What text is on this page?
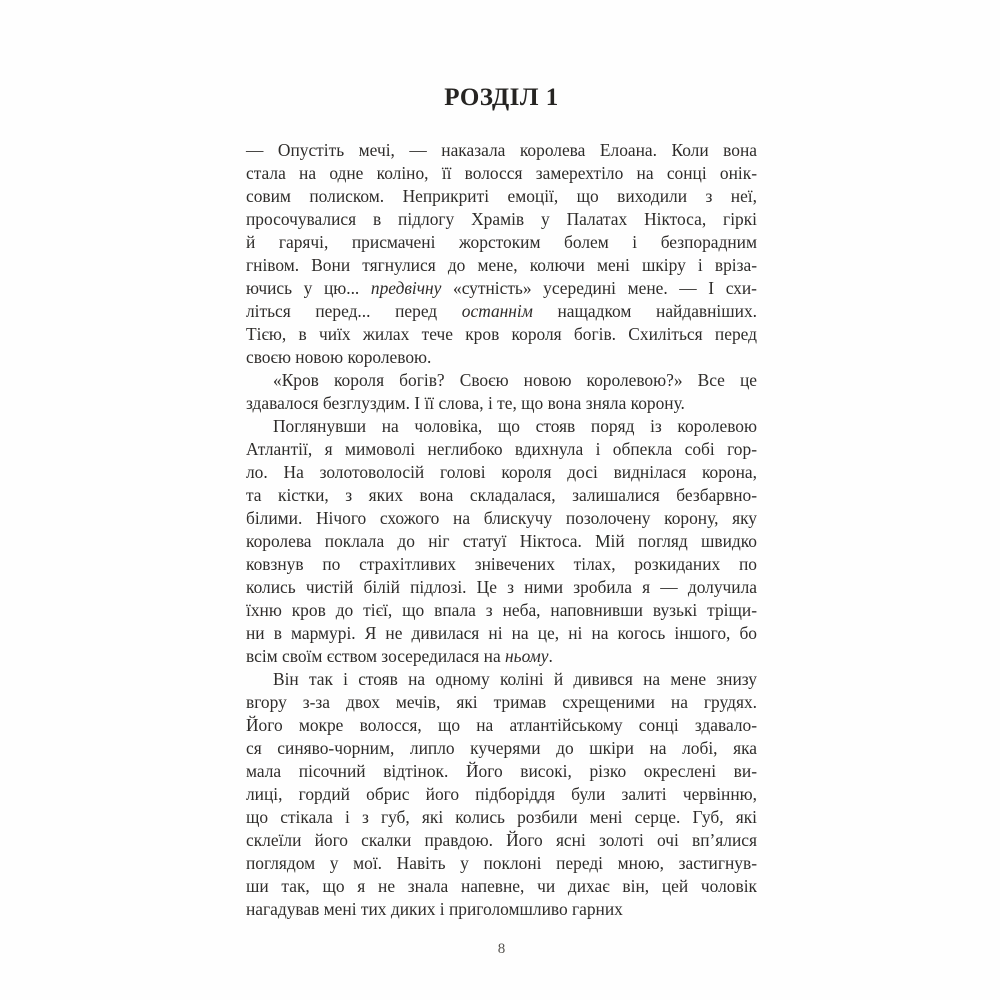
РОЗДІЛ 1
— Опустіть мечі, — наказала королева Елоана. Коли вона
стала на одне коліно, її волосся замерехтіло на сонці онік-
совим полиском. Неприкриті емоції, що виходили з неї,
просочувалися в підлогу Храмів у Палатах Ніктоса, гіркі
й гарячі, присмачені жорстоким болем і безпорадним
гнівом. Вони тягнулися до мене, колючи мені шкіру і вріза-
ючись у цю... предвічну «сутність» усередині мене. — І схи-
літься перед... перед останнім нащадком найдавніших.
Тією, в чиїх жилах тече кров короля богів. Схиліться перед
своєю новою королевою.
«Кров короля богів? Своєю новою королевою?» Все це
здавалося безглуздим. І її слова, і те, що вона зняла корону.
Поглянувши на чоловіка, що стояв поряд із королевою
Атлантії, я мимоволі неглибоко вдихнула і обпекла собі гор-
ло. На золотоволосій голові короля досі виднілася корона,
та кістки, з яких вона складалася, залишалися безбарвно-
білими. Нічого схожого на блискучу позолочену корону, яку
королева поклала до ніг статуї Ніктоса. Мій погляд швидко
ковзнув по страхітливих знівечених тілах, розкиданих по
колись чистій білій підлозі. Це з ними зробила я — долучила
їхню кров до тієї, що впала з неба, наповнивши вузькі тріщи-
ни в мармурі. Я не дивилася ні на це, ні на когось іншого, бо
всім своїм єством зосередилася на ньому.
Він так і стояв на одному коліні й дивився на мене знизу
вгору з-за двох мечів, які тримав схрещеними на грудях.
Його мокре волосся, що на атлантійському сонці здавало-
ся синяво-чорним, липло кучерями до шкіри на лобі, яка
мала пісочний відтінок. Його високі, різко окреслені ви-
лиці, гордий обрис його підборіддя були залиті червінню,
що стікала і з губ, які колись розбили мені серце. Губ, які
склеїли його скалки правдою. Його ясні золоті очі вп’ялися
поглядом у мої. Навіть у поклоні переді мною, застигнув-
ши так, що я не знала напевне, чи дихає він, цей чоловік
нагадував мені тих диких і приголомшливо гарних
8
